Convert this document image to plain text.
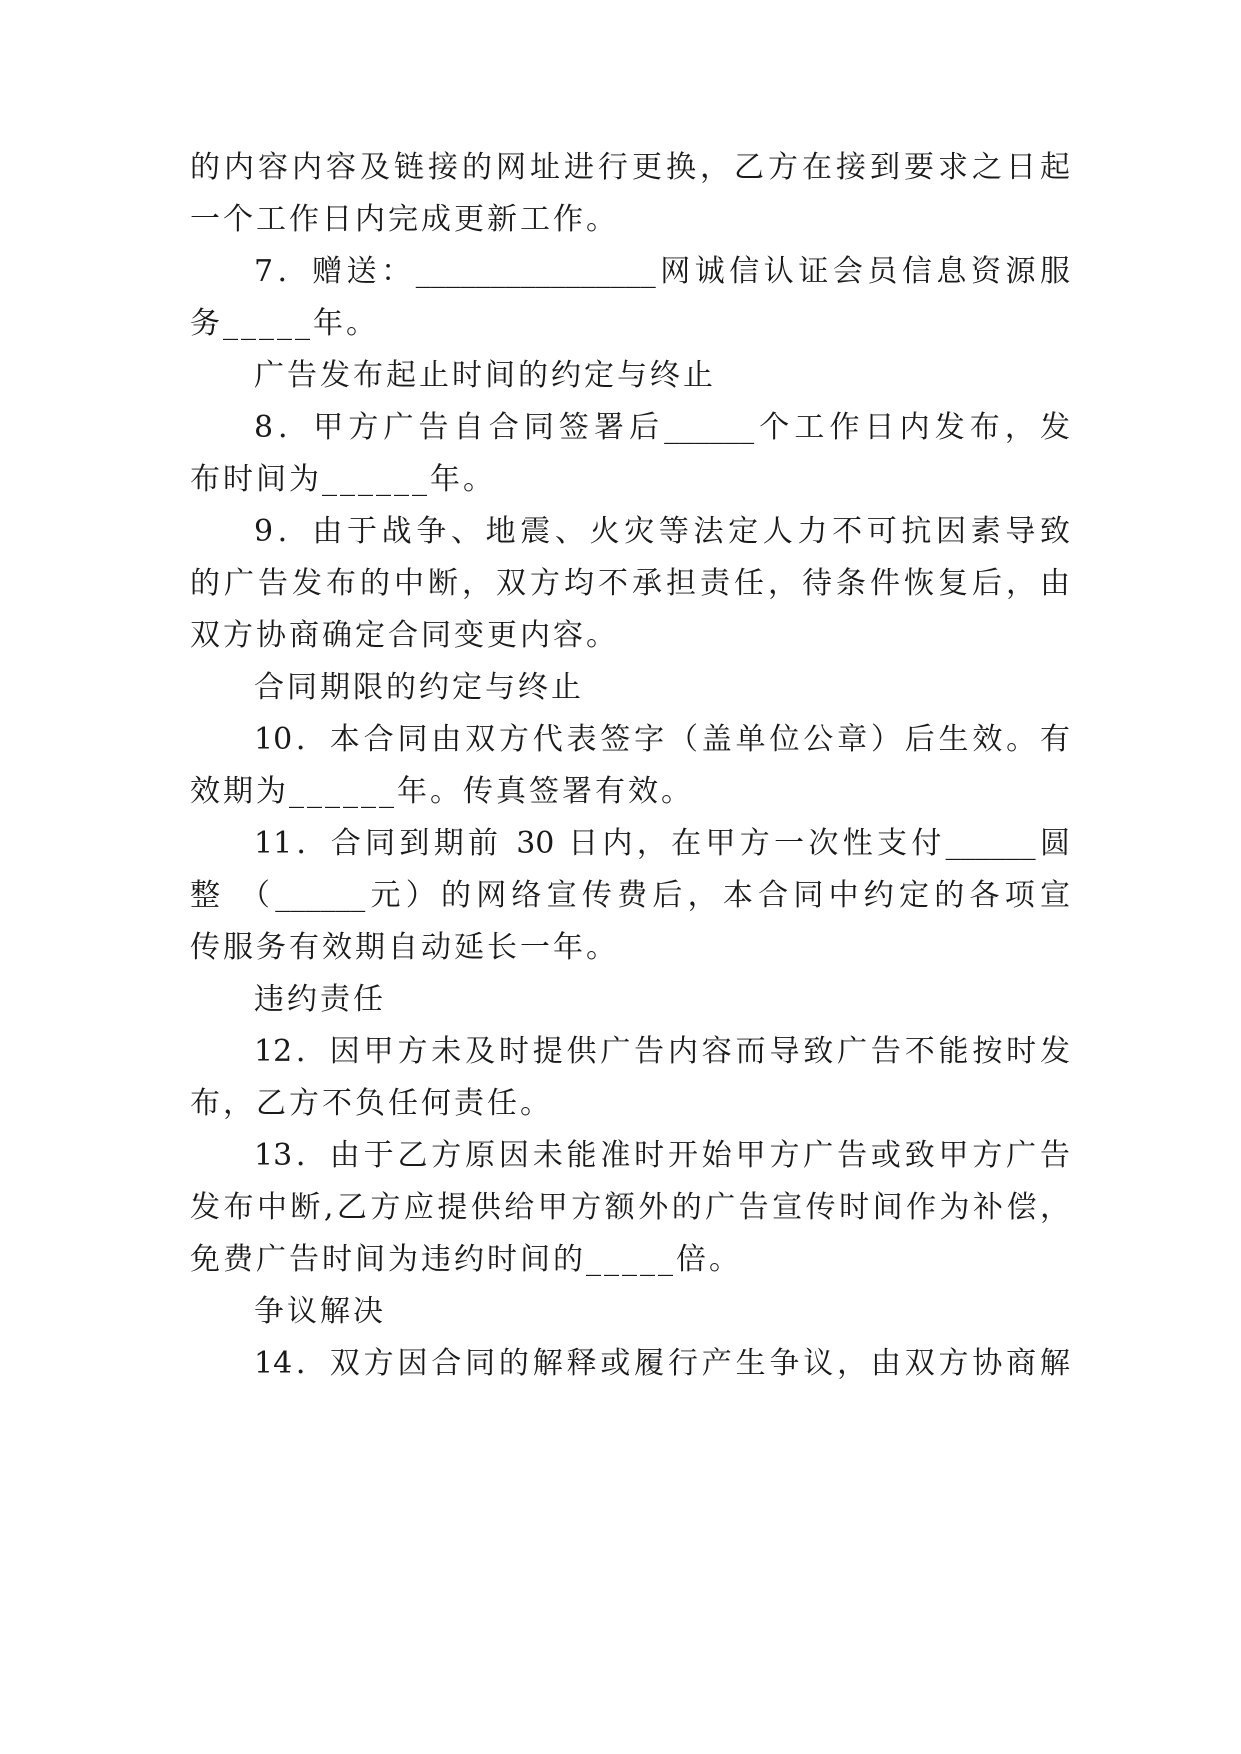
的内容内容及链接的网址进行更换，乙方在接到要求之日起
一个工作日内完成更新工作。
7．赠送：________________网诚信认证会员信息资源服
务_____年。
广告发布起止时间的约定与终止
8．甲方广告自合同签署后______个工作日内发布，发
布时间为______年。
9．由于战争、地震、火灾等法定人力不可抗因素导致
的广告发布的中断，双方均不承担责任，待条件恢复后，由
双方协商确定合同变更内容。
合同期限的约定与终止
10．本合同由双方代表签字（盖单位公章）后生效。有
效期为______年。传真签署有效。
11．合同到期前 30 日内，在甲方一次性支付______圆
整 （______元）的网络宣传费后，本合同中约定的各项宣
传服务有效期自动延长一年。
违约责任
12．因甲方未及时提供广告内容而导致广告不能按时发
布，乙方不负任何责任。
13．由于乙方原因未能准时开始甲方广告或致甲方广告
发布中断,乙方应提供给甲方额外的广告宣传时间作为补偿，
免费广告时间为违约时间的_____倍。
争议解决
14．双方因合同的解释或履行产生争议，由双方协商解
